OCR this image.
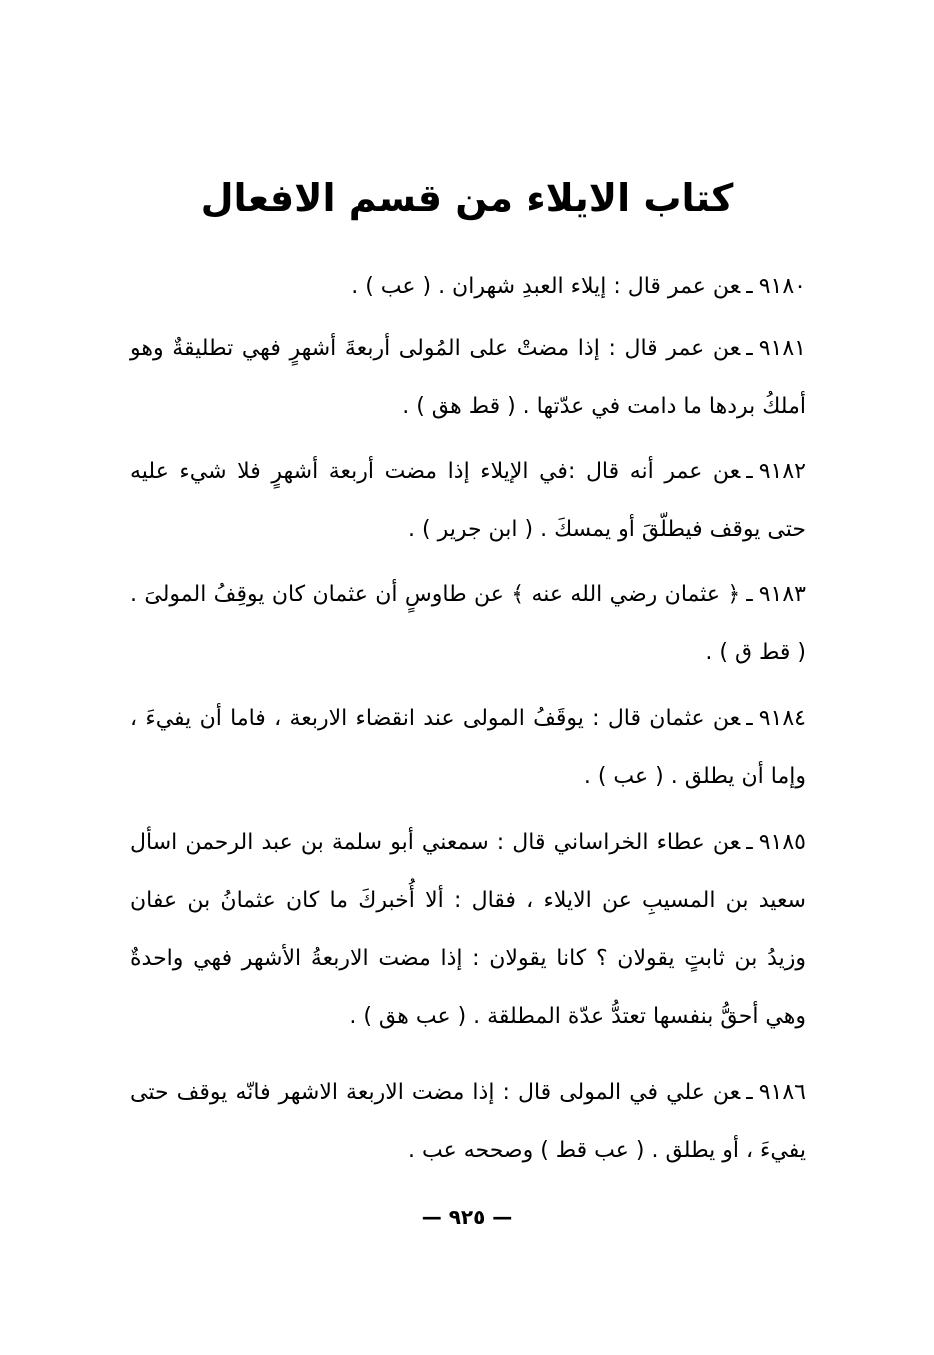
كتاب الايلاء من قسم الافعال
٩١٨٠ـعن عمر قال : إيلاء العبدِ شهران . ( عب ) .
٩١٨١ـعن عمر قال : إذا مضتْ على المُولى أربعةَ أشهرٍ فهي تطليقةٌ وهو أملكُ بردها ما دامت في عدّتها . ( قط هق ) .
٩١٨٢ـعن عمر أنه قال :في الإيلاء إذا مضت أربعة أشهرٍ فلا شيء عليه حتى يوقف فيطلّقَ أو يمسكَ . ( ابن جرير ) .
٩١٨٣ـ﴿ عثمان رضي الله عنه ﴾ عن طاوسٍ أن عثمان كان يوقِفُ المولىَ . ( قط ق ) .
٩١٨٤ـعن عثمان قال : يوقَفُ المولى عند انقضاء الاربعة ، فاما أن يفيءَ ، وإما أن يطلق . ( عب ) .
٩١٨٥ـعن عطاء الخراساني قال : سمعني أبو سلمة بن عبد الرحمن اسأل سعيد بن المسيبِ عن الايلاء ، فقال : ألا أُخبركَ ما كان عثمانُ بن عفان وزيدُ بن ثابتٍ يقولان ؟ كانا يقولان : إذا مضت الاربعةُ الأشهر فهي واحدةٌ وهي أحقُّ بنفسها تعتدُّ عدّة المطلقة . ( عب هق ) .
٩١٨٦ـعن علي في المولى قال : إذا مضت الاربعة الاشهر فانّه يوقف حتى يفيءَ ، أو يطلق . ( عب قط ) وصححه عب .
— ٩٢٥ —
